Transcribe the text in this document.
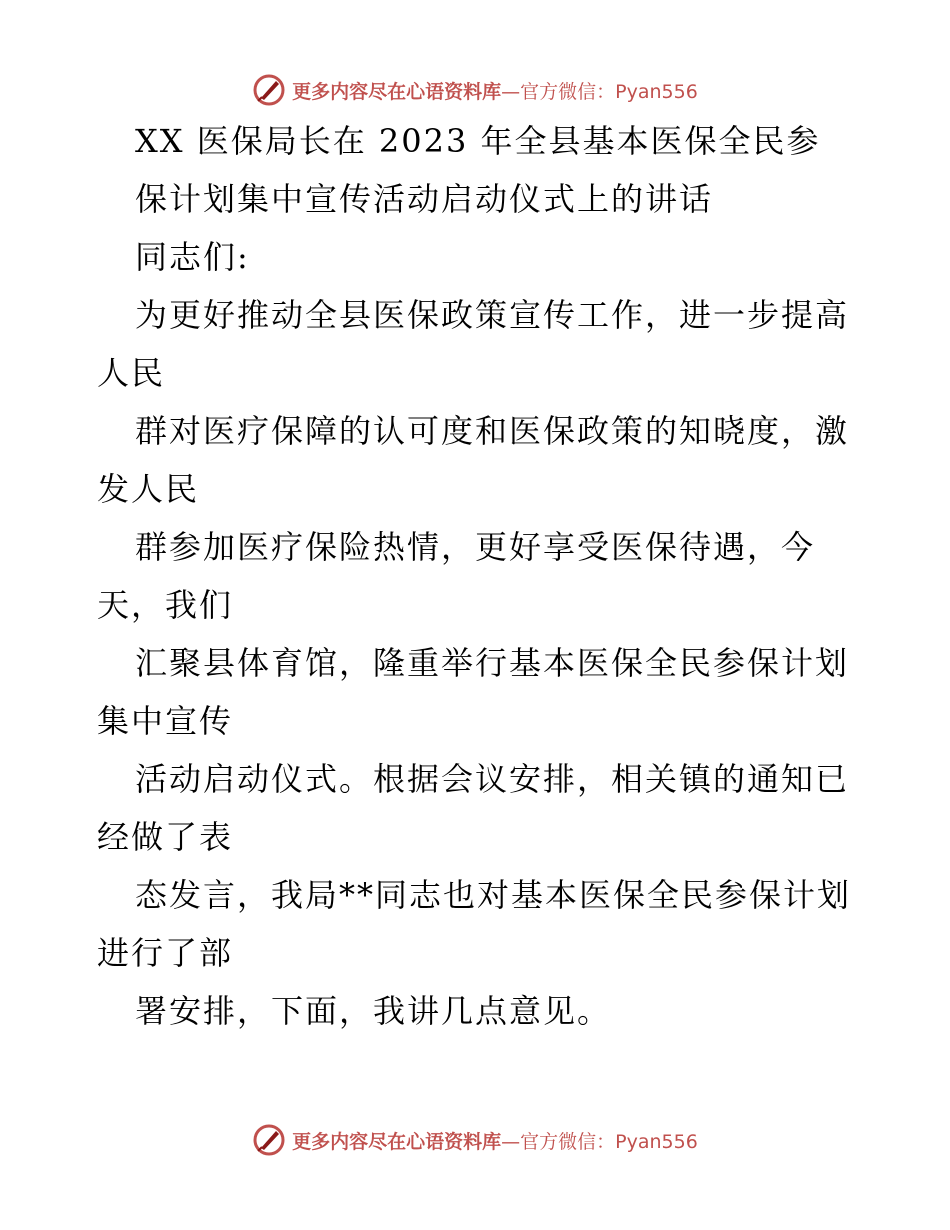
更多内容尽在心语资料库—官方微信：Pyan556
XX 医保局长在 2023 年全县基本医保全民参
保计划集中宣传活动启动仪式上的讲话
同志们:
为更好推动全县医保政策宣传工作，进一步提高
人民
群对医疗保障的认可度和医保政策的知晓度，激
发人民
群参加医疗保险热情，更好享受医保待遇，今
天，我们
汇聚县体育馆，隆重举行基本医保全民参保计划
集中宣传
活动启动仪式。根据会议安排，相关镇的通知已
经做了表
态发言，我局**同志也对基本医保全民参保计划
进行了部
署安排，下面，我讲几点意见。
更多内容尽在心语资料库—官方微信：Pyan556
